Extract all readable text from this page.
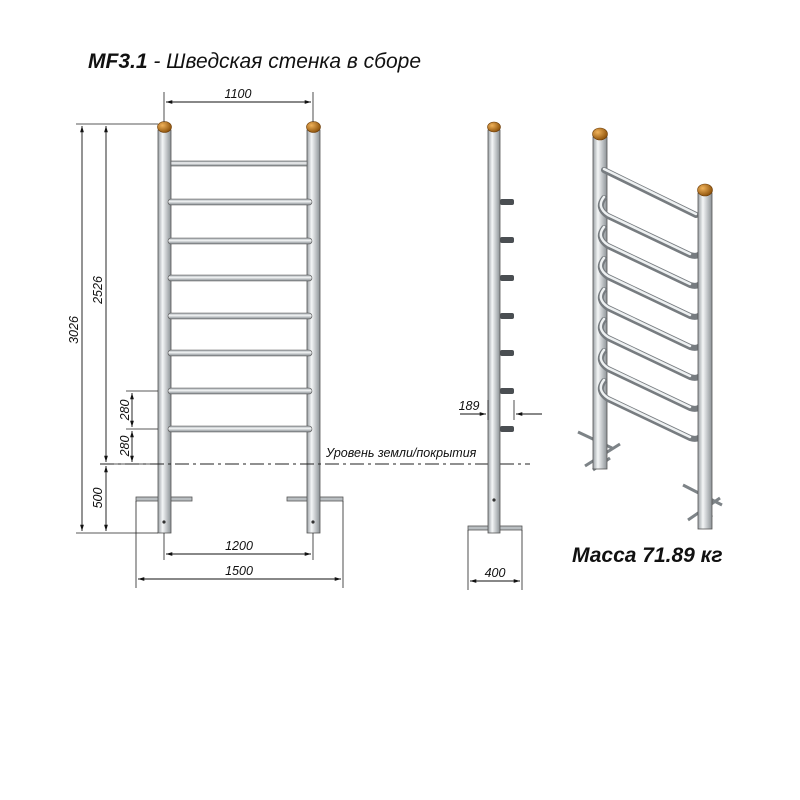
MF3.1 - Шведская стенка в сборе
Масса 71.89 кг
1100
3026
2526
280
280
500
1200
1500
Уровень земли/покрытия
189
400
